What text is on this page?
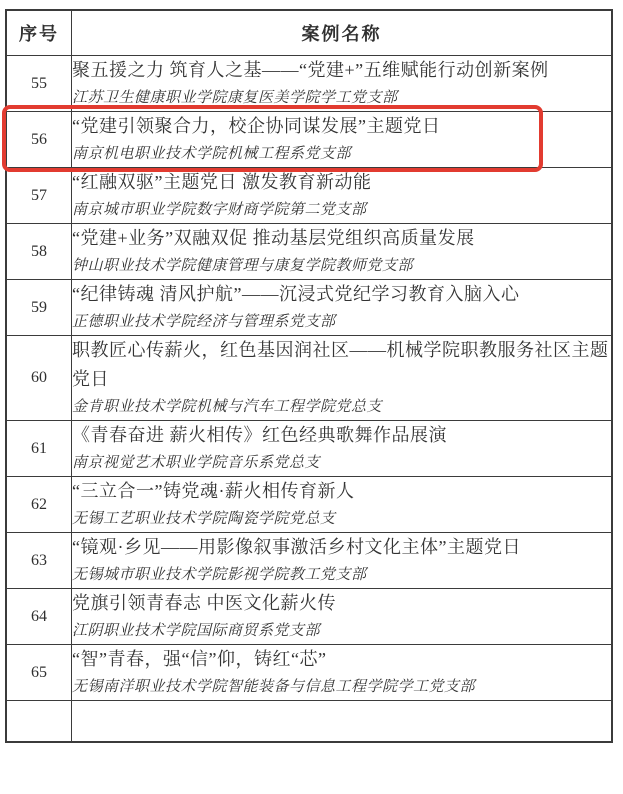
序号	案例名称
55	聚五援之力 筑育人之基——“党建+”五维赋能行动创新案例
江苏卫生健康职业学院康复医美学院学工党支部

56	“党建引领聚合力，校企协同谋发展”主题党日
南京机电职业技术学院机械工程系党支部

57	“红融双驱”主题党日 激发教育新动能
南京城市职业学院数字财商学院第二党支部

58	“党建+业务”双融双促 推动基层党组织高质量发展
钟山职业技术学院健康管理与康复学院教师党支部

59	“纪律铸魂 清风护航”——沉浸式党纪学习教育入脑入心
正德职业技术学院经济与管理系党支部

60	职教匠心传薪火，红色基因润社区——机械学院职教服务社区主题党日
金肯职业技术学院机械与汽车工程学院党总支

61	《青春奋进 薪火相传》红色经典歌舞作品展演
南京视觉艺术职业学院音乐系党总支

62	“三立合一”铸党魂·薪火相传育新人
无锡工艺职业技术学院陶瓷学院党总支

63	“镜观·乡见——用影像叙事激活乡村文化主体”主题党日
无锡城市职业技术学院影视学院教工党支部

64	党旗引领青春志 中医文化薪火传
江阴职业技术学院国际商贸系党支部

65	“智”青春，强“信”仰，铸红“芯”
无锡南洋职业技术学院智能装备与信息工程学院学工党支部
